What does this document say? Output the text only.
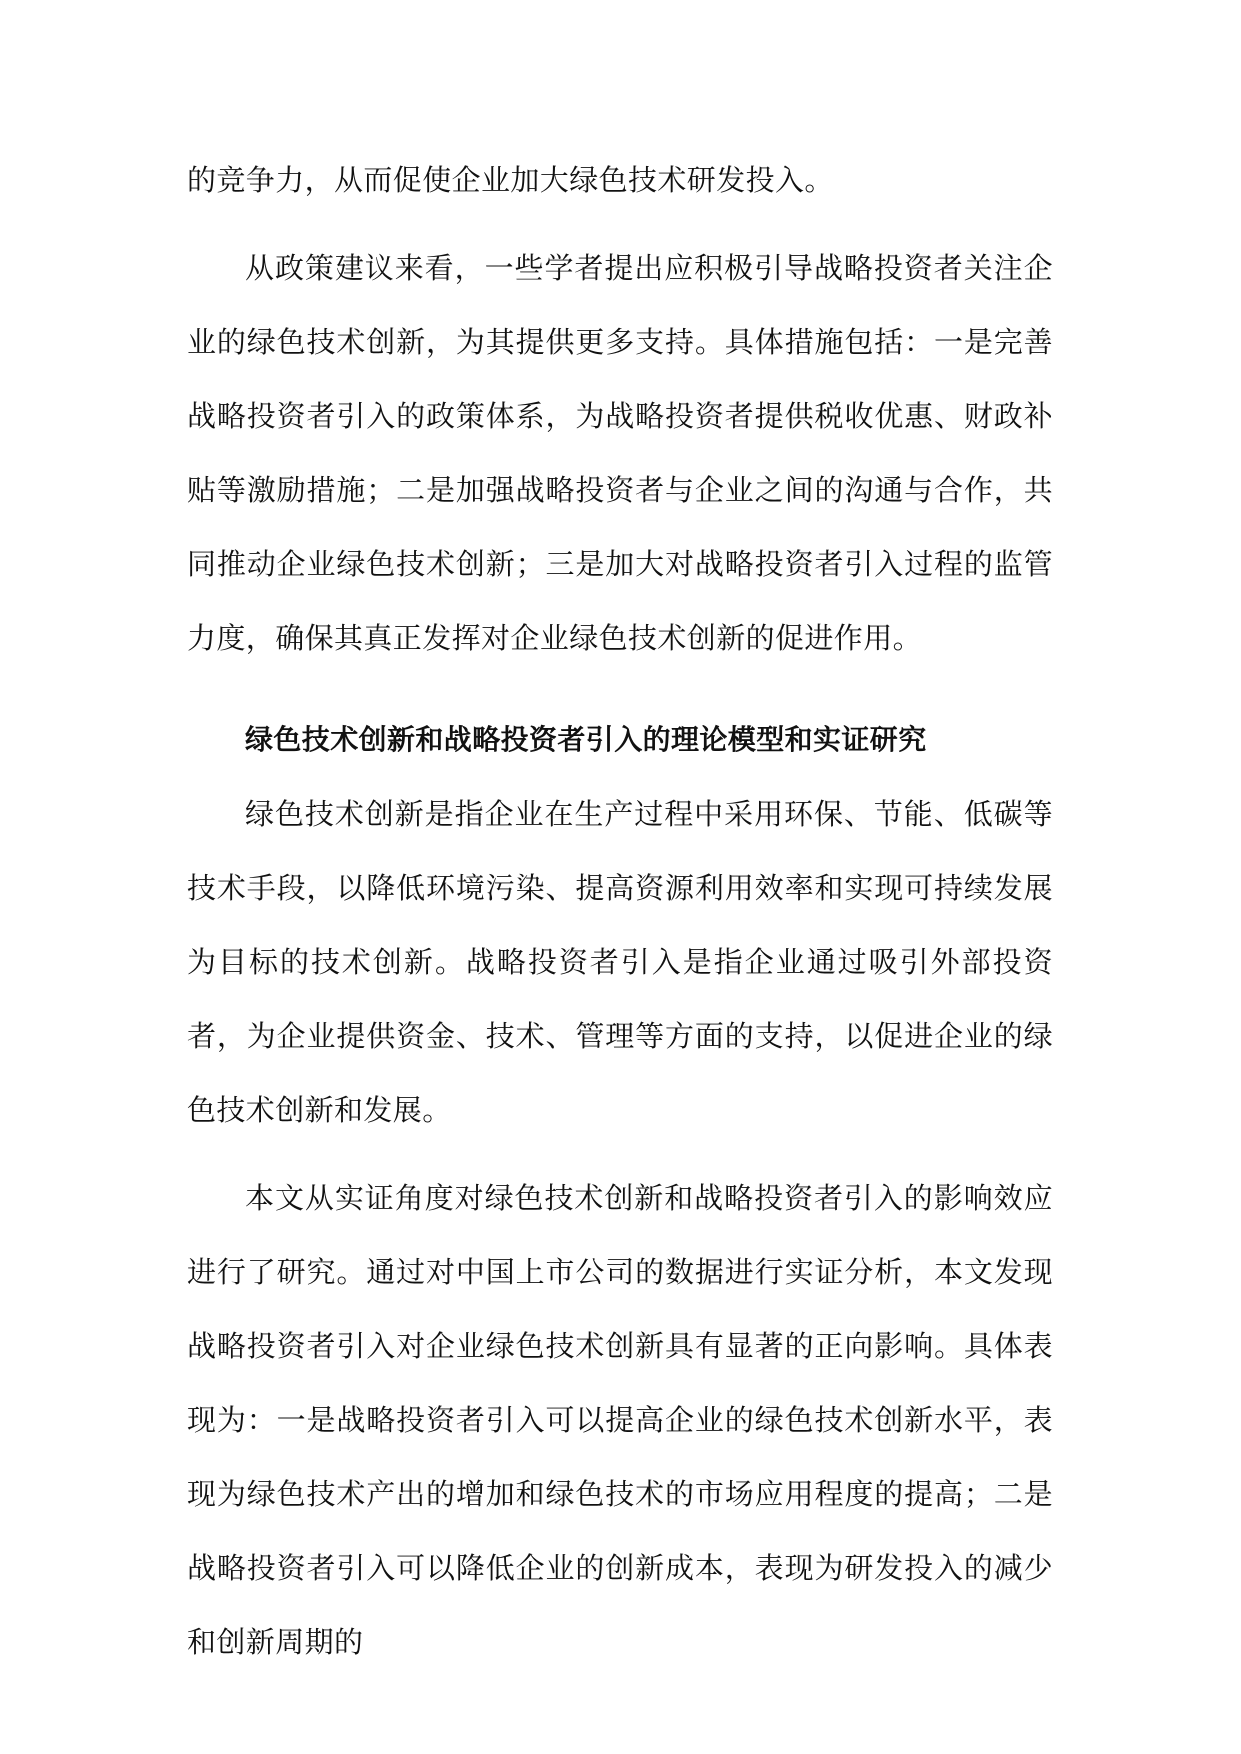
的竞争力，从而促使企业加大绿色技术研发投入。

从政策建议来看，一些学者提出应积极引导战略投资者关注企业的绿色技术创新，为其提供更多支持。具体措施包括：一是完善战略投资者引入的政策体系，为战略投资者提供税收优惠、财政补贴等激励措施；二是加强战略投资者与企业之间的沟通与合作，共同推动企业绿色技术创新；三是加大对战略投资者引入过程的监管力度，确保其真正发挥对企业绿色技术创新的促进作用。

绿色技术创新和战略投资者引入的理论模型和实证研究

绿色技术创新是指企业在生产过程中采用环保、节能、低碳等技术手段，以降低环境污染、提高资源利用效率和实现可持续发展为目标的技术创新。战略投资者引入是指企业通过吸引外部投资者，为企业提供资金、技术、管理等方面的支持，以促进企业的绿色技术创新和发展。

本文从实证角度对绿色技术创新和战略投资者引入的影响效应进行了研究。通过对中国上市公司的数据进行实证分析，本文发现战略投资者引入对企业绿色技术创新具有显著的正向影响。具体表现为：一是战略投资者引入可以提高企业的绿色技术创新水平，表现为绿色技术产出的增加和绿色技术的市场应用程度的提高；二是战略投资者引入可以降低企业的创新成本，表现为研发投入的减少和创新周期的
